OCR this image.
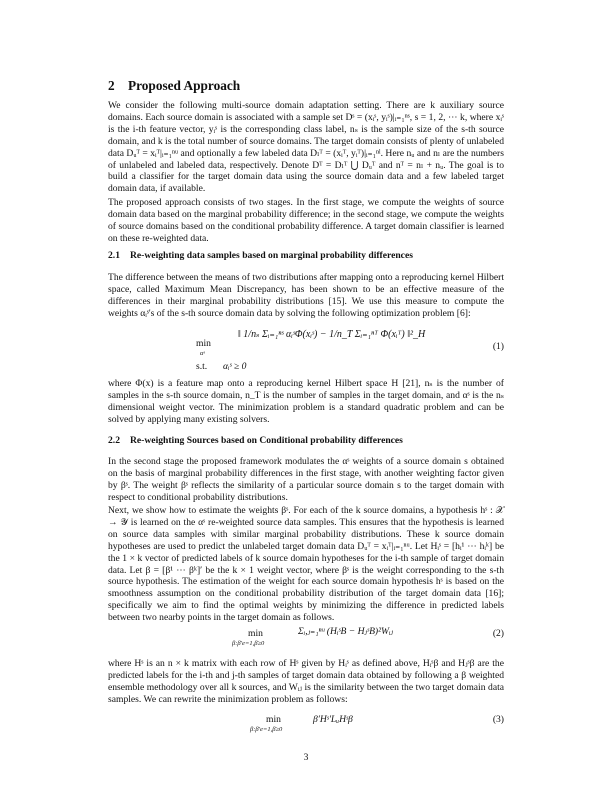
2 Proposed Approach

We consider the following multi-source domain adaptation setting. There are k auxiliary source domains. Each source domain is associated with a sample set Dˢ = (xᵢˢ, yᵢˢ)|ᵢ₌₁ⁿˢ, s = 1, 2, ⋯ k, where xᵢˢ is the i-th feature vector, yᵢˢ is the corresponding class label, nₛ is the sample size of the s-th source domain, and k is the total number of source domains. The target domain consists of plenty of unlabeled data Dᵤᵀ = xᵢᵀ|ᵢ₌₁ⁿᵘ and optionally a few labeled data Dₗᵀ = (xᵢᵀ, yᵢᵀ)|ᵢ₌₁ⁿˡ. Here nᵤ and nₗ are the numbers of unlabeled and labeled data, respectively. Denote Dᵀ = Dₗᵀ ⋃ Dᵤᵀ and nᵀ = nₗ + nᵤ. The goal is to build a classifier for the target domain data using the source domain data and a few labeled target domain data, if available.

The proposed approach consists of two stages. In the first stage, we compute the weights of source domain data based on the marginal probability difference; in the second stage, we compute the weights of source domains based on the conditional probability difference. A target domain classifier is learned on these re-weighted data.

2.1 Re-weighting data samples based on marginal probability differences

The difference between the means of two distributions after mapping onto a reproducing kernel Hilbert space, called Maximum Mean Discrepancy, has been shown to be an effective measure of the differences in their marginal probability distributions [15]. We use this measure to compute the weights αᵢˢ's of the s-th source domain data by solving the following optimization problem [6]:

min
αˢ
‖ 1/nₛ Σᵢ₌₁ⁿˢ αᵢˢΦ(xᵢˢ) − 1/n_T Σᵢ₌₁ⁿᵀ Φ(xᵢᵀ) ‖²_H
s.t. αᵢˢ ≥ 0
(1)

where Φ(x) is a feature map onto a reproducing kernel Hilbert space H [21], nₛ is the number of samples in the s-th source domain, n_T is the number of samples in the target domain, and αˢ is the nₛ dimensional weight vector. The minimization problem is a standard quadratic problem and can be solved by applying many existing solvers.

2.2 Re-weighting Sources based on Conditional probability differences

In the second stage the proposed framework modulates the αˢ weights of a source domain s obtained on the basis of marginal probability differences in the first stage, with another weighting factor given by βˢ. The weight βˢ reflects the similarity of a particular source domain s to the target domain with respect to conditional probability distributions.

Next, we show how to estimate the weights βˢ. For each of the k source domains, a hypothesis hˢ : 𝒳 → 𝒴 is learned on the αˢ re-weighted source data samples. This ensures that the hypothesis is learned on source data samples with similar marginal probability distributions. These k source domain hypotheses are used to predict the unlabeled target domain data Dᵤᵀ = xᵢᵀ|ᵢ₌₁ⁿᵘ. Let Hᵢˢ = [hᵢ¹ ⋯ hᵢᵏ] be the 1 × k vector of predicted labels of k source domain hypotheses for the i-th sample of target domain data. Let β = [β¹ ⋯ βᵏ]′ be the k × 1 weight vector, where βˢ is the weight corresponding to the s-th source hypothesis. The estimation of the weight for each source domain hypothesis hˢ is based on the smoothness assumption on the conditional probability distribution of the target domain data [16]; specifically we aim to find the optimal weights by minimizing the difference in predicted labels between two nearby points in the target domain as follows.

min
β:β′e=1,β≥0
Σᵢ,ⱼ₌₁ⁿᵘ (HᵢˢB − HⱼˢB)²Wᵢⱼ	(2)

where Hˢ is an n × k matrix with each row of Hˢ given by Hᵢˢ as defined above, Hᵢˢβ and Hⱼˢβ are the predicted labels for the i-th and j-th samples of target domain data obtained by following a β weighted ensemble methodology over all k sources, and Wᵢⱼ is the similarity between the two target domain data samples. We can rewrite the minimization problem as follows:

min
β:β′e=1,β≥0
β′Hˢ′LᵤHˢβ	(3)
3
